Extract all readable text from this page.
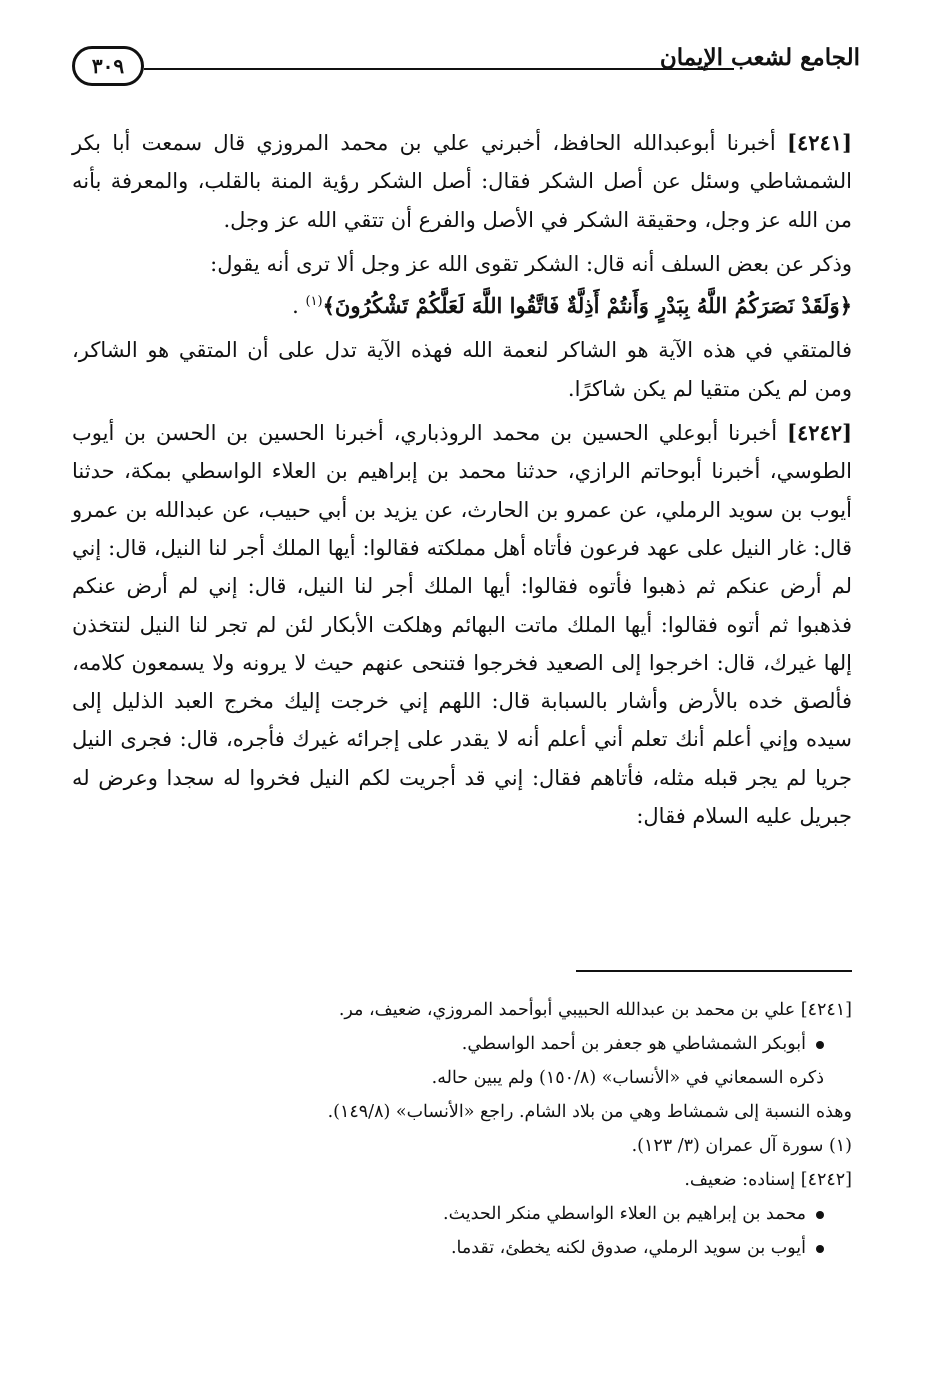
٣٠٩	الجامع لشعب الإيمان

[٤٢٤١] أخبرنا أبوعبدالله الحافظ، أخبرني علي بن محمد المروزي قال سمعت أبا بكر الشمشاطي وسئل عن أصل الشكر فقال: أصل الشكر رؤية المنة بالقلب، والمعرفة بأنه من الله عز وجل، وحقيقة الشكر في الأصل والفرع أن تتقي الله عز وجل.

وذكر عن بعض السلف أنه قال: الشكر تقوى الله عز وجل ألا ترى أنه يقول:
﴿وَلَقَدْ نَصَرَكُمُ اللَّهُ بِبَدْرٍ وَأَنتُمْ أَذِلَّةٌ فَاتَّقُوا اللَّهَ لَعَلَّكُمْ تَشْكُرُونَ﴾$^{(١)}$ .

فالمتقي في هذه الآية هو الشاكر لنعمة الله فهذه الآية تدل على أن المتقي هو الشاكر، ومن لم يكن متقيا لم يكن شاكرًا.

[٤٢٤٢] أخبرنا أبوعلي الحسين بن محمد الروذباري، أخبرنا الحسين بن الحسن بن أيوب الطوسي، أخبرنا أبوحاتم الرازي، حدثنا محمد بن إبراهيم بن العلاء الواسطي بمكة، حدثنا أيوب بن سويد الرملي، عن عمرو بن الحارث، عن يزيد بن أبي حبيب، عن عبدالله بن عمرو قال: غار النيل على عهد فرعون فأتاه أهل مملكته فقالوا: أيها الملك أجر لنا النيل، قال: إني لم أرض عنكم ثم ذهبوا فأتوه فقالوا: أيها الملك أجر لنا النيل، قال: إني لم أرض عنكم فذهبوا ثم أتوه فقالوا: أيها الملك ماتت البهائم وهلكت الأبكار لئن لم تجر لنا النيل لنتخذن إلها غيرك، قال: اخرجوا إلى الصعيد فخرجوا فتنحى عنهم حيث لا يرونه ولا يسمعون كلامه، فألصق خده بالأرض وأشار بالسبابة قال: اللهم إني خرجت إليك مخرج العبد الذليل إلى سيده وإني أعلم أنك تعلم أني أعلم أنه لا يقدر على إجرائه غيرك فأجره، قال: فجرى النيل جريا لم يجر قبله مثله، فأتاهم فقال: إني قد أجريت لكم النيل فخروا له سجدا وعرض له جبريل عليه السلام فقال:

[٤٢٤١] علي بن محمد بن عبدالله الحبيبي أبوأحمد المروزي، ضعيف، مر.

أبوبكر الشمشاطي هو جعفر بن أحمد الواسطي.

ذكره السمعاني في «الأنساب» (١٥٠/٨) ولم يبين حاله.

وهذه النسبة إلى شمشاط وهي من بلاد الشام. راجع «الأنساب» (١٤٩/٨).

(١) سورة آل عمران (٣/ ١٢٣).

[٤٢٤٢] إسناده: ضعيف.

محمد بن إبراهيم بن العلاء الواسطي منكر الحديث.

أيوب بن سويد الرملي، صدوق لكنه يخطئ، تقدما.
